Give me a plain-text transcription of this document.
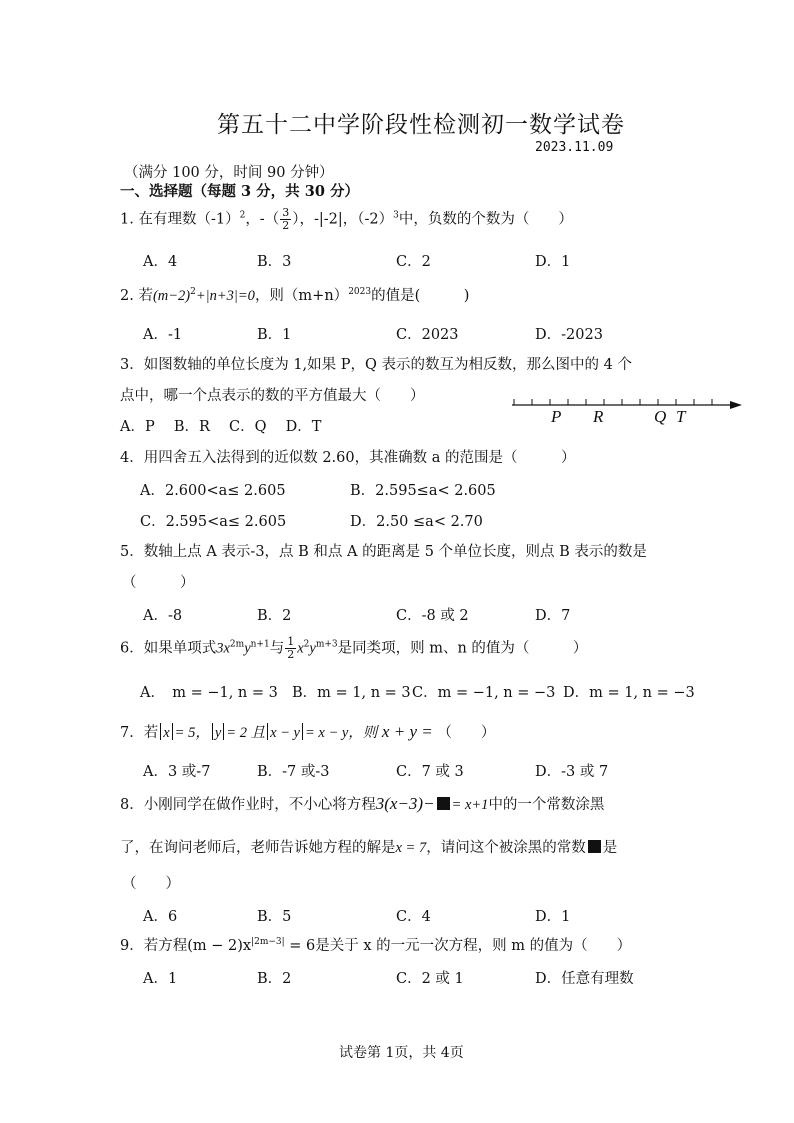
第五十二中学阶段性检测初一数学试卷
2023.11.09
（满分 100 分，时间 90 分钟）
一、选择题（每题 3 分，共 30 分）
1. 在有理数$(-1)^2$，-（ $\frac{3}{2}$ ），-|-2|，$(-2)^3$中，负数的个数为（　　）
A．4	B．3	C．2	D．1
2. 若$(m-2)^2+|n+3|=0$，则$(m+n)^{2023}$的值是(　　　)
A．-1	B．1	C．2023	D．-2023
3．如图数轴的单位长度为 1,如果 P，Q 表示的数互为相反数，那么图中的 4 个
点中，哪一个点表示的数的平方值最大（　　）
A．P　 B．R　 C．Q　 D．T
P R	Q T
4．用四舍五入法得到的近似数 2.60，其准确数 a 的范围是（　　　）
A．2.600<a≤ 2.605	B．2.595≤a< 2.605
C．2.595<a≤ 2.605	D．2.50 ≤a< 2.70
5．数轴上点 A 表示-3，点 B 和点 A 的距离是 5 个单位长度，则点 B 表示的数是
（　　　）
A．-8	B．2	C．-8 或 2	D．7
6．如果单项式$3x^{2m}y^{n+1}$与 $\frac{1}{2} x^2y^{m+3}$是同类项，则 m、n 的值为（　　　）
A．　m = −1, n = 3 B．m = 1, n = 3 C．m = −1, n = −3 D．m = 1, n = −3
7．若 x = 5， y = 2 且 x − y = x − y，则 x + y = （　　）
A．3 或-7	B．-7 或-3	C．7 或 3	D．-3 或 7
8．小刚同学在做作业时，不小心将方程3(x−3)− = x+1中的一个常数涂黑
了，在询问老师后，老师告诉她方程的解是x = 7，请问这个被涂黑的常数 是
（　　）
A．6	B．5	C．4	D．1
9．若方程$(m - 2)x^{|2m-3|} = 6$是关于 x 的一元一次方程，则 m 的值为（　　）
A．1	B．2	C．2 或 1	D．任意有理数
试卷第 1页，共 4页
